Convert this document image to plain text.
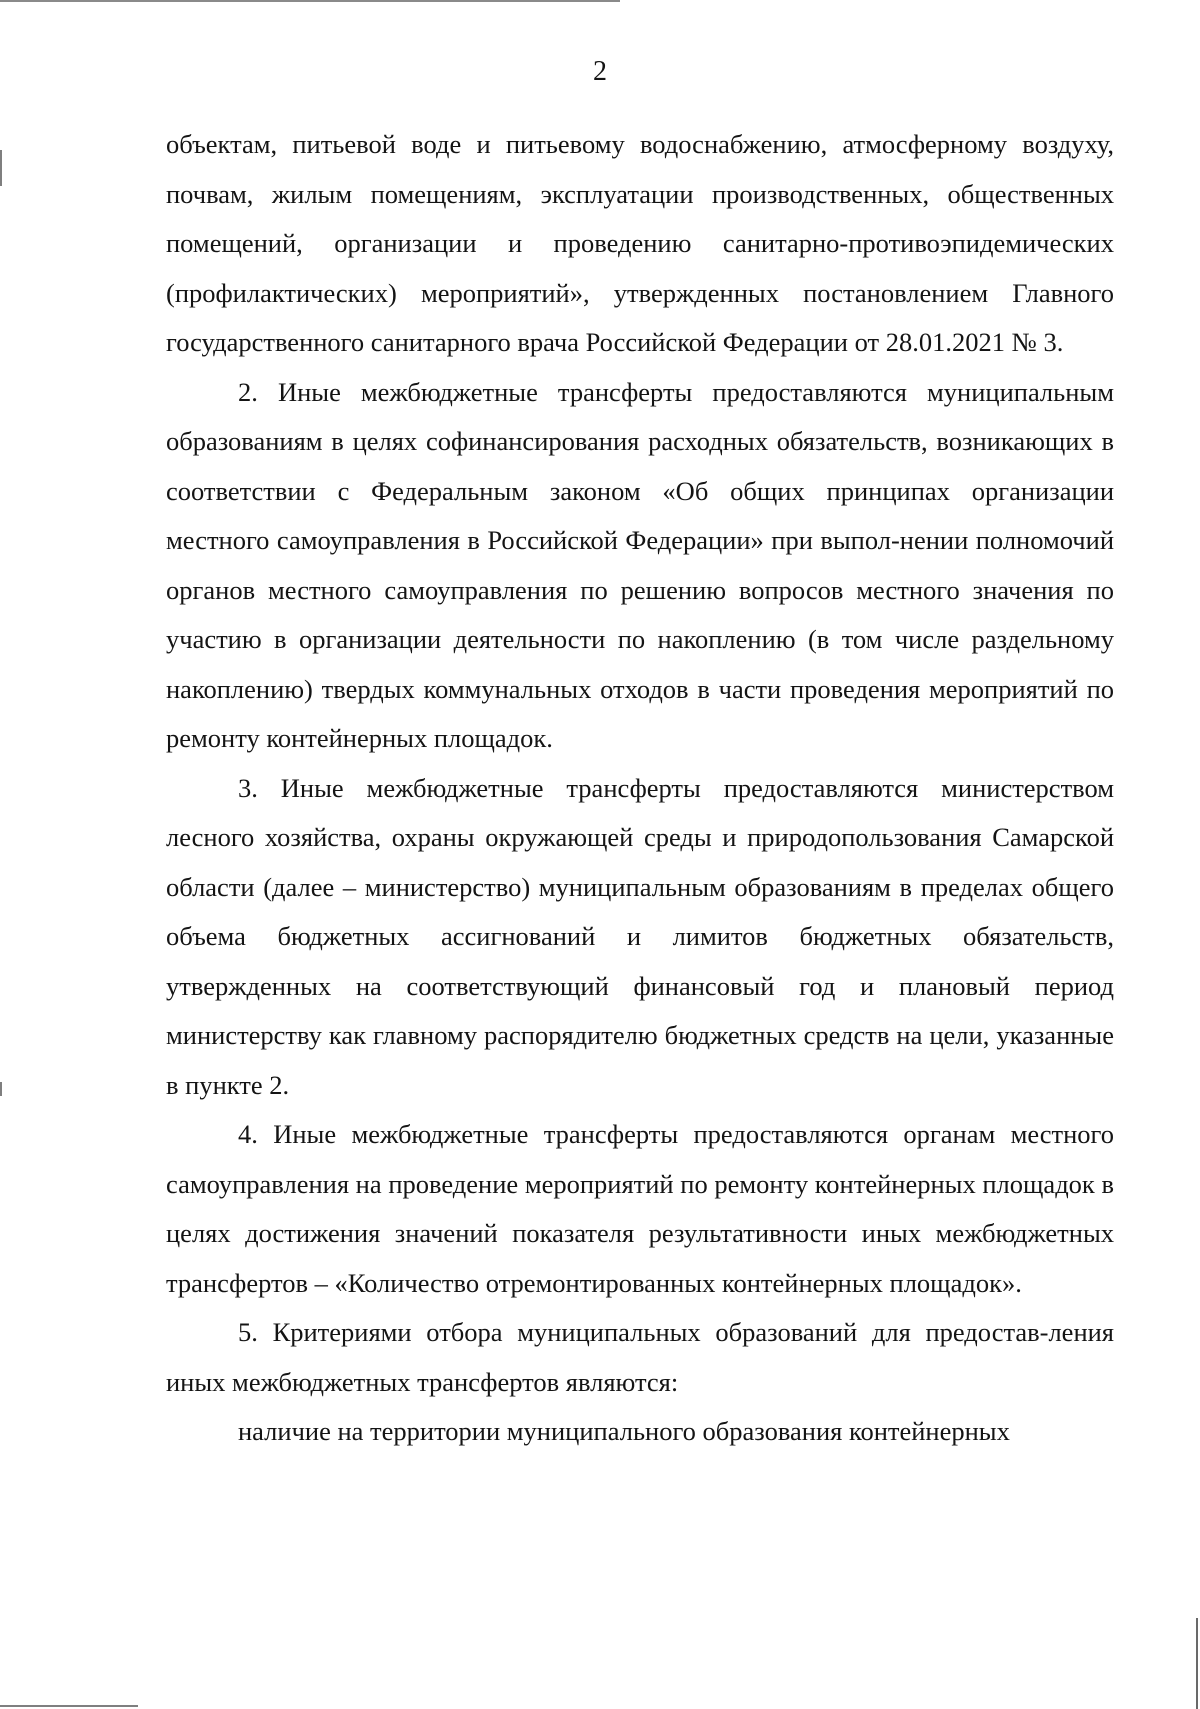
2

объектам, питьевой воде и питьевому водоснабжению, атмосферному воздуху, почвам, жилым помещениям, эксплуатации производственных, общественных помещений, организации и проведению санитарно-противоэпидемических (профилактических) мероприятий», утвержденных постановлением Главного государственного санитарного врача Российской Федерации от 28.01.2021 № 3.

2. Иные межбюджетные трансферты предоставляются муниципальным образованиям в целях софинансирования расходных обязательств, возникающих в соответствии с Федеральным законом «Об общих принципах организации местного самоуправления в Российской Федерации» при выпол-нении полномочий органов местного самоуправления по решению вопросов местного значения по участию в организации деятельности по накоплению (в том числе раздельному накоплению) твердых коммунальных отходов в части проведения мероприятий по ремонту контейнерных площадок.

3. Иные межбюджетные трансферты предоставляются министерством лесного хозяйства, охраны окружающей среды и природопользования Самарской области (далее – министерство) муниципальным образованиям в пределах общего объема бюджетных ассигнований и лимитов бюджетных обязательств, утвержденных на соответствующий финансовый год и плановый период министерству как главному распорядителю бюджетных средств на цели, указанные в пункте 2.

4. Иные межбюджетные трансферты предоставляются органам местного самоуправления на проведение мероприятий по ремонту контейнерных площадок в целях достижения значений показателя результативности иных межбюджетных трансфертов – «Количество отремонтированных контейнерных площадок».

5. Критериями отбора муниципальных образований для предостав-ления иных межбюджетных трансфертов являются:

наличие на территории муниципального образования контейнерных
